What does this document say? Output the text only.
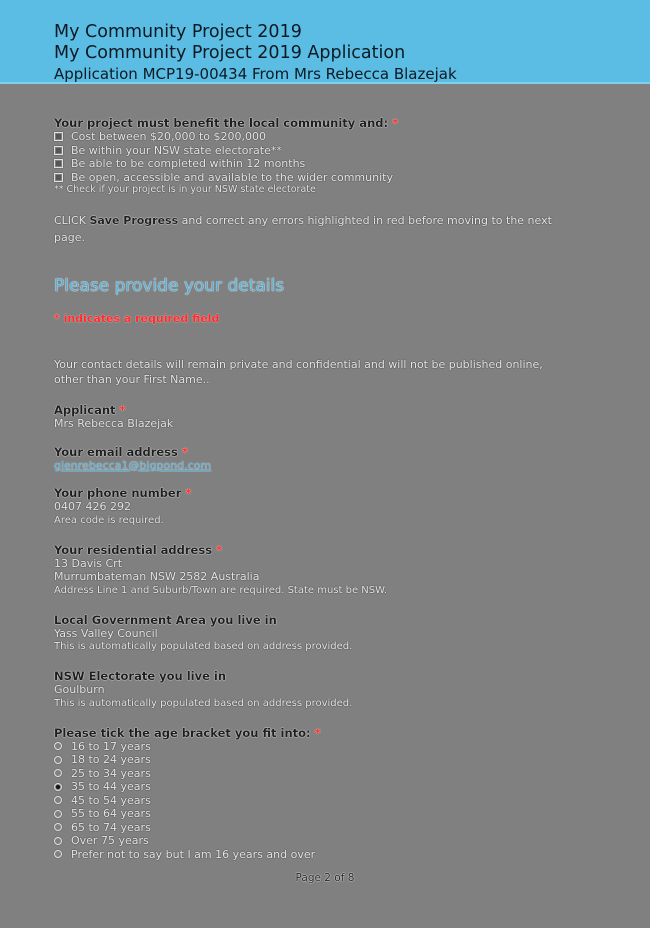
My Community Project 2019
My Community Project 2019 Application
Application MCP19-00434 From Mrs Rebecca Blazejak
Your project must benefit the local community and: *
Cost between $20,000 to $200,000
Be within your NSW state electorate**
Be able to be completed within 12 months
Be open, accessible and available to the wider community
** Check if your project is in your NSW state electorate
CLICK Save Progress and correct any errors highlighted in red before moving to the next page.
Please provide your details
* indicates a required field
Your contact details will remain private and confidential and will not be published online, other than your First Name..
Applicant *
Mrs Rebecca Blazejak
Your email address *
glenrebecca1@bigpond.com
Your phone number *
0407 426 292
Area code is required.
Your residential address *
13 Davis Crt
Murrumbateman NSW 2582 Australia
Address Line 1 and Suburb/Town are required. State must be NSW.
Local Government Area you live in
Yass Valley Council
This is automatically populated based on address provided.
NSW Electorate you live in
Goulburn
This is automatically populated based on address provided.
Please tick the age bracket you fit into: *
16 to 17 years
18 to 24 years
25 to 34 years
35 to 44 years
45 to 54 years
55 to 64 years
65 to 74 years
Over 75 years
Prefer not to say but I am 16 years and over
Page 2 of 8
